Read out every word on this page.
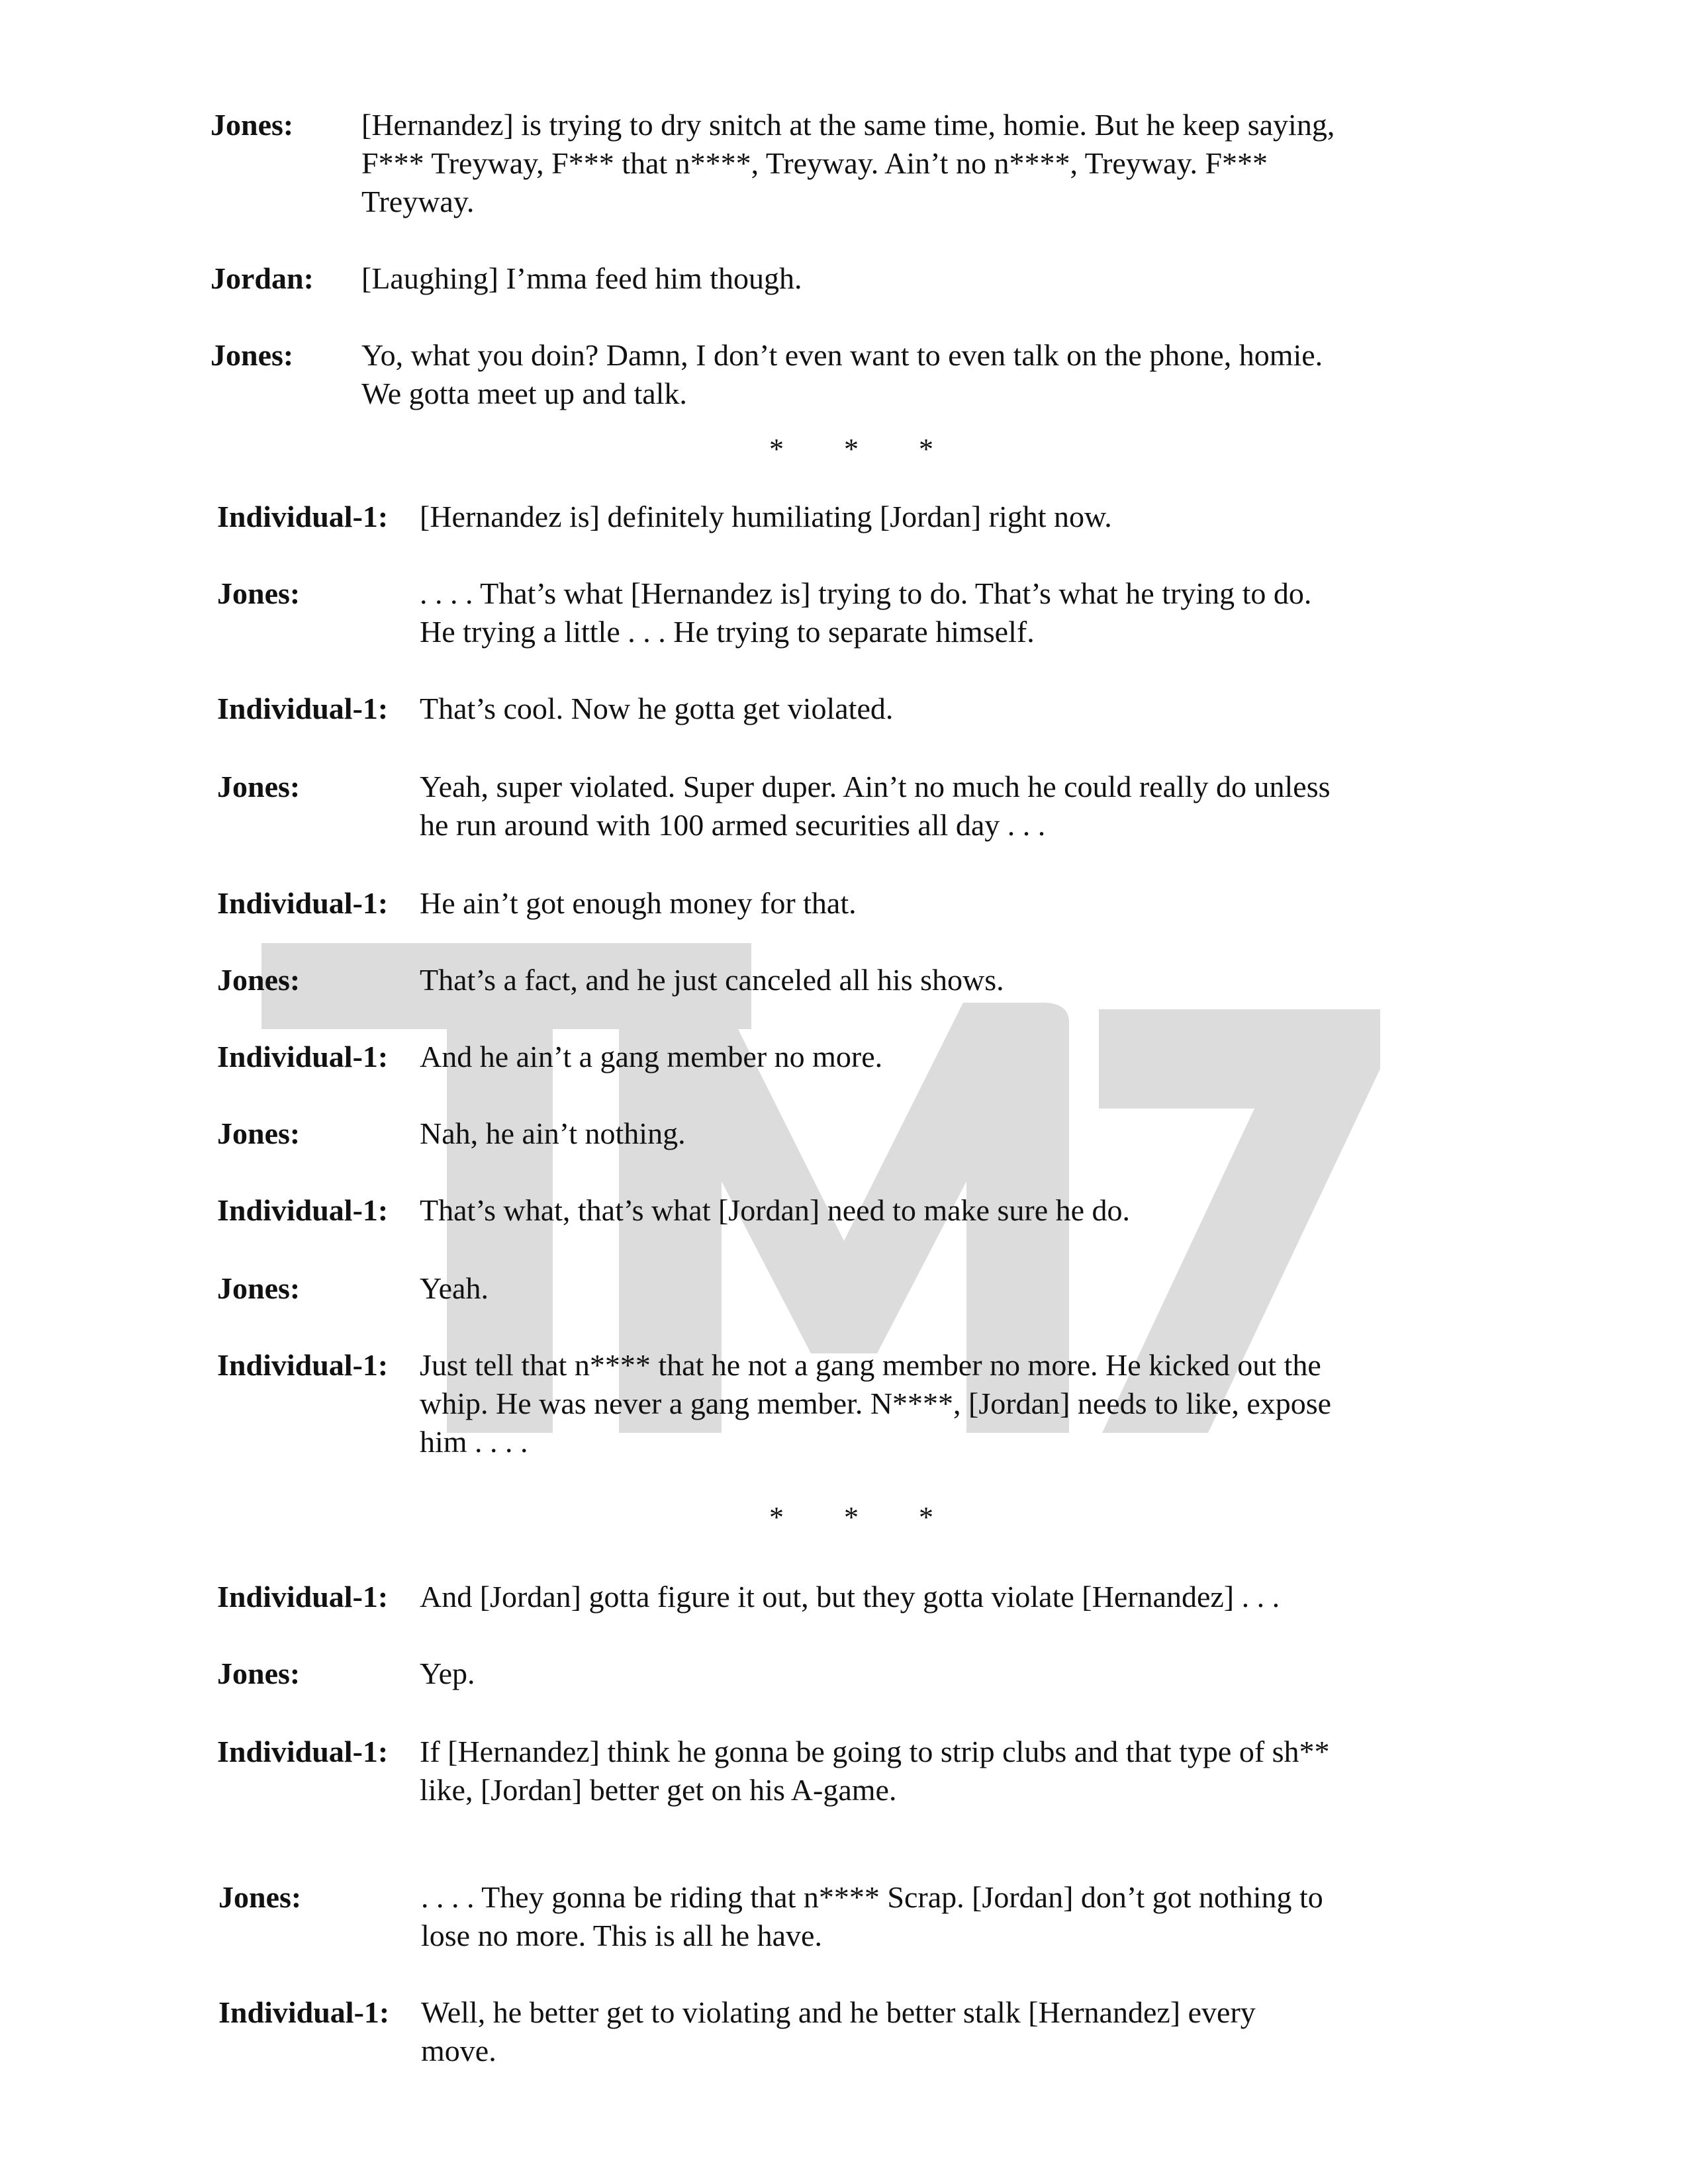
Jones: [Hernandez] is trying to dry snitch at the same time, homie. But he keep saying,
F*** Treyway, F*** that n****, Treyway. Ain’t no n****, Treyway. F***
Treyway.
Jordan: [Laughing] I’mma feed him though.
Jones: Yo, what you doin? Damn, I don’t even want to even talk on the phone, homie.
We gotta meet up and talk.
* * *
Individual-1: [Hernandez is] definitely humiliating [Jordan] right now.
Jones:	. . . . That’s what [Hernandez is] trying to do. That’s what he trying to do.
He trying a little . . . He trying to separate himself.
Individual-1: That’s cool. Now he gotta get violated.
Jones:	Yeah, super violated. Super duper. Ain’t no much he could really do unless
he run around with 100 armed securities all day . . .
Individual-1: He ain’t got enough money for that.
Jones:	That’s a fact, and he just canceled all his shows.
Individual-1: And he ain’t a gang member no more.
Jones:	Nah, he ain’t nothing.
Individual-1: That’s what, that’s what [Jordan] need to make sure he do.
Jones:	Yeah.
Individual-1: Just tell that n**** that he not a gang member no more. He kicked out the
whip. He was never a gang member. N****, [Jordan] needs to like, expose
him . . . .
* * *
Individual-1: And [Jordan] gotta figure it out, but they gotta violate [Hernandez] . . .
Jones:	Yep.
Individual-1: If [Hernandez] think he gonna be going to strip clubs and that type of sh**
like, [Jordan] better get on his A-game.
Jones:	. . . . They gonna be riding that n**** Scrap. [Jordan] don’t got nothing to
lose no more. This is all he have.
Individual-1: Well, he better get to violating and he better stalk [Hernandez] every
move.
